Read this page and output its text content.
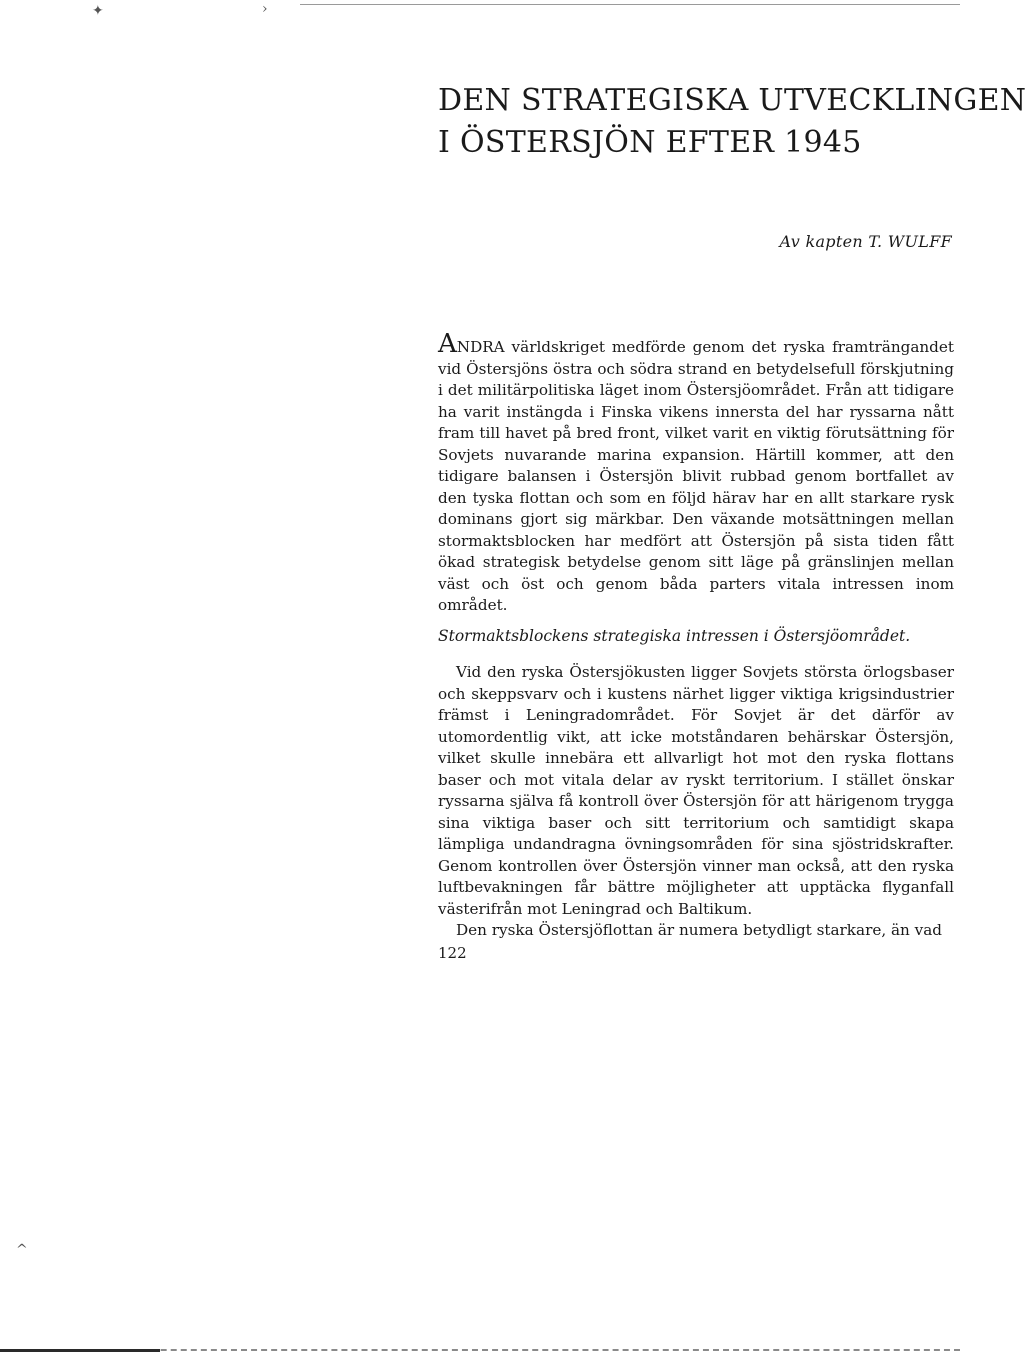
✦	›
^
DEN STRATEGISKA UTVECKLINGEN
I ÖSTERSJÖN EFTER 1945
Av kapten T. WULFF

ANDRA världskriget medförde genom det ryska framträngandet vid Östersjöns östra och södra strand en betydelsefull förskjutning i det militärpolitiska läget inom Östersjöområdet. Från att tidigare ha varit instängda i Finska vikens innersta del har ryssarna nått fram till havet på bred front, vilket varit en viktig förutsättning för Sovjets nuvarande marina expansion. Härtill kommer, att den tidigare balansen i Östersjön blivit rubbad genom bortfallet av den tyska flottan och som en följd härav har en allt starkare rysk dominans gjort sig märkbar. Den växande motsättningen mellan stormaktsblocken har medfört att Östersjön på sista tiden fått ökad strategisk betydelse genom sitt läge på gränslinjen mellan väst och öst och genom båda parters vitala intressen inom området.

Stormaktsblockens strategiska intressen i Östersjöområdet.

Vid den ryska Östersjökusten ligger Sovjets största örlogsbaser och skeppsvarv och i kustens närhet ligger viktiga krigsindustrier främst i Leningradområdet. För Sovjet är det därför av utomordentlig vikt, att icke motståndaren behärskar Östersjön, vilket skulle innebära ett allvarligt hot mot den ryska flottans baser och mot vitala delar av ryskt territorium. I stället önskar ryssarna själva få kontroll över Östersjön för att härigenom trygga sina viktiga baser och sitt territorium och samtidigt skapa lämpliga undandragna övningsområden för sina sjöstridskrafter. Genom kontrollen över Östersjön vinner man också, att den ryska luftbevakningen får bättre möjligheter att upptäcka flyganfall västerifrån mot Leningrad och Baltikum.

Den ryska Östersjöflottan är numera betydligt starkare, än vad

122
